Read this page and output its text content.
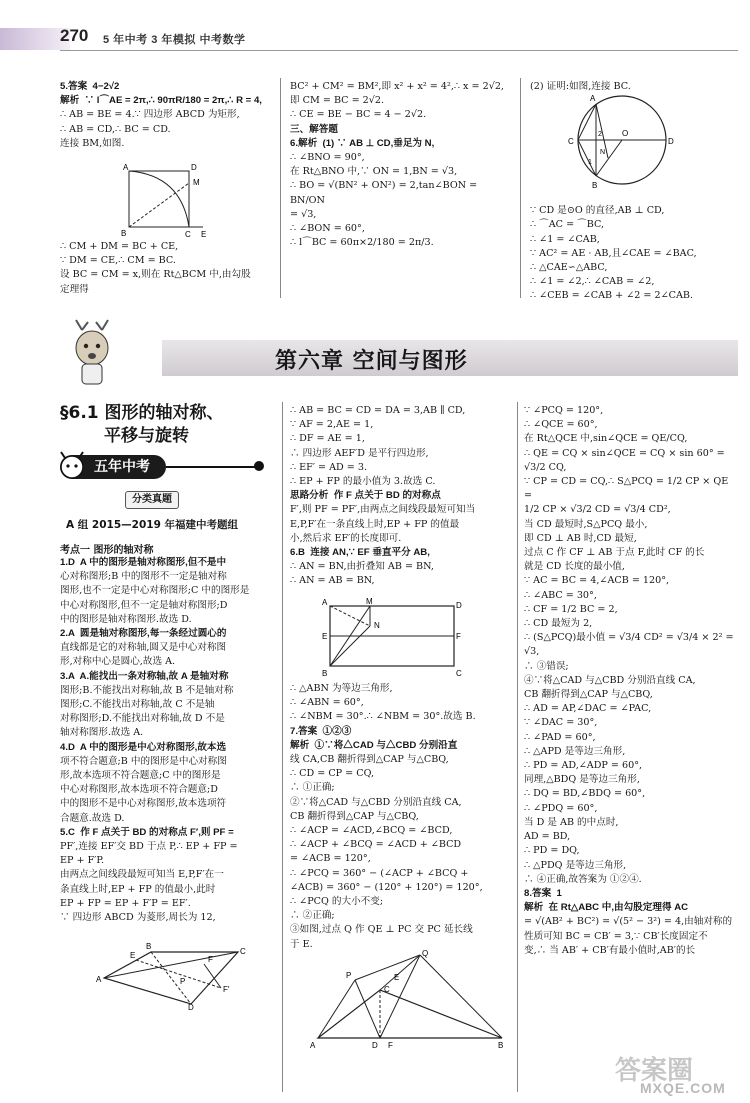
270 5 年中考 3 年模拟 中考数学

5.答案  4−2√2

解析  ∵ l⌒AE = 2π,∴ 90πR/180 = 2π,∴ R = 4,

∴ AB = BE = 4.∵ 四边形 ABCD 为矩形,

∴ AB = CD,∴ BC = CD.

连接 BM,如图.

A	D
M
B	C E

∴ CM + DM = BC + CE,

∵ DM = CE,∴ CM = BC.

设 BC = CM = x,则在 Rt△BCM 中,由勾股

定理得

BC² + CM² = BM²,即 x² + x² = 4²,∴ x = 2√2,

即 CM = BC = 2√2.

∴ CE = BE − BC = 4 − 2√2.

三、解答题

6.解析  (1) ∵ AB ⊥ CD,垂足为 N,

∴ ∠BNO = 90°,

在 Rt△BNO 中,∵ ON = 1,BN = √3,

∴ BO = √(BN² + ON²) = 2,tan∠BON = BN/ON

= √3,

∴ ∠BON = 60°,

∴ l⌒BC = 60π×2/180 = 2π/3.

(2) 证明:如图,连接 BC.

∵ CD 是⊙O 的直径,AB ⊥ CD,

∴ ⌒AC = ⌒BC,

∴ ∠1 = ∠CAB,

∵ AC² = AE · AB,且∠CAE = ∠BAC,

∴ △CAE∽△ABC,

∴ ∠1 = ∠2,∴ ∠CAB = ∠2,

∴ ∠CEB = ∠CAB + ∠2 = 2∠CAB.

A
C
O
D
B
2
N
1
第六章 空间与图形
§6.1 图形的轴对称、
平移与旋转
五年中考
分类真题
A 组 2015—2019 年福建中考题组
考点一 图形的轴对称

1.D  A 中的图形是轴对称图形,但不是中

心对称图形;B 中的图形不一定是轴对称

图形,也不一定是中心对称图形;C 中的图形是

中心对称图形,但不一定是轴对称图形;D

中的图形是轴对称图形.故选 D.

2.A  圆是轴对称图形,每一条经过圆心的

直线都是它的对称轴,圆又是中心对称图

形,对称中心是圆心,故选 A.

3.A  A.能找出一条对称轴,故 A 是轴对称

图形;B.不能找出对称轴,故 B 不是轴对称

图形;C.不能找出对称轴,故 C 不是轴

对称图形;D.不能找出对称轴,故 D 不是

轴对称图形.故选 A.

4.D  A 中的图形是中心对称图形,故本选

项不符合题意;B 中的图形是中心对称图

形,故本选项不符合题意;C 中的图形是

中心对称图形,故本选项不符合题意;D

中的图形不是中心对称图形,故本选项符

合题意.故选 D.

5.C  作 F 点关于 BD 的对称点 F′,则 PF =

PF′,连接 EF′交 BD 于点 P,∴ EP + FP =

EP + F′P.

由两点之间线段最短可知当 E,P,F′在一

条直线上时,EP + FP 的值最小,此时

EP + FP = EP + F′P = EF′.

∵ 四边形 ABCD 为菱形,周长为 12,

A
B
C
D
P
F
F′
E

∴ AB = BC = CD = DA = 3,AB ∥ CD,

∵ AF = 2,AE = 1,

∴ DF = AE = 1,

∴ 四边形 AEF′D 是平行四边形,

∴ EF′ = AD = 3.

∴ EP + FP 的最小值为 3.故选 C.

思路分析  作 F 点关于 BD 的对称点

F′,则 PF = PF′,由两点之间线段最短可知当

E,P,F′在一条直线上时,EP + FP 的值最

小,然后求 EF′的长度即可.

6.B  连接 AN,∵ EF 垂直平分 AB,

∴ AN = BN,由折叠知 AB = BN,

∴ AN = AB = BN,

A	M	D
E
N
F
B	C

∴ △ABN 为等边三角形,

∴ ∠ABN = 60°,

∴ ∠NBM = 30°.∴ ∠NBM = 30°.故选 B.

7.答案  ①②③

解析  ①∵将△CAD 与△CBD 分别沿直

线 CA,CB 翻折得到△CAP 与△CBQ,

∴ CD = CP = CQ,

∴ ①正确;

②∵将△CAD 与△CBD 分别沿直线 CA,

CB 翻折得到△CAP 与△CBQ,

∴ ∠ACP = ∠ACD,∠BCQ = ∠BCD,

∴ ∠ACP + ∠BCQ = ∠ACD + ∠BCD

= ∠ACB = 120°,

∴ ∠PCQ = 360° − (∠ACP + ∠BCQ +

∠ACB) = 360° − (120° + 120°) = 120°,

∴ ∠PCQ 的大小不变;

∴ ②正确;

③如图,过点 Q 作 QE ⊥ PC 交 PC 延长线

于 E.

A	B
P
Q
C
D F
E

∵ ∠PCQ = 120°,

∴ ∠QCE = 60°,

在 Rt△QCE 中,sin∠QCE = QE/CQ,

∴ QE = CQ × sin∠QCE = CQ × sin 60° =

√3/2 CQ,

∵ CP = CD = CQ,∴ S△PCQ = 1/2 CP × QE =

1/2 CP × √3/2 CD = √3/4 CD²,

当 CD 最短时,S△PCQ 最小,

即 CD ⊥ AB 时,CD 最短,

过点 C 作 CF ⊥ AB 于点 F,此时 CF 的长

就是 CD 长度的最小值,

∵ AC = BC = 4,∠ACB = 120°,

∴ ∠ABC = 30°,

∴ CF = 1/2 BC = 2,

∴ CD 最短为 2,

∴ (S△PCQ)最小值 = √3/4 CD² = √3/4 × 2² = √3,

∴ ③错误;

④∵将△CAD 与△CBD 分别沿直线 CA,

CB 翻折得到△CAP 与△CBQ,

∴ AD = AP,∠DAC = ∠PAC,

∵ ∠DAC = 30°,

∴ ∠PAD = 60°,

∴ △APD 是等边三角形,

∴ PD = AD,∠ADP = 60°,

同理,△BDQ 是等边三角形,

∴ DQ = BD,∠BDQ = 60°,

∴ ∠PDQ = 60°,

当 D 是 AB 的中点时,

AD = BD,

∴ PD = DQ,

∴ △PDQ 是等边三角形,

∴ ④正确,故答案为 ①②④.

8.答案  1

解析  在 Rt△ABC 中,由勾股定理得 AC

= √(AB² + BC²) = √(5² − 3²) = 4,由轴对称的

性质可知 BC = CB′ = 3,∵ CB′长度固定不

变,∴ 当 AB′ + CB′有最小值时,AB′的长

答案圈
MXQE.COM
